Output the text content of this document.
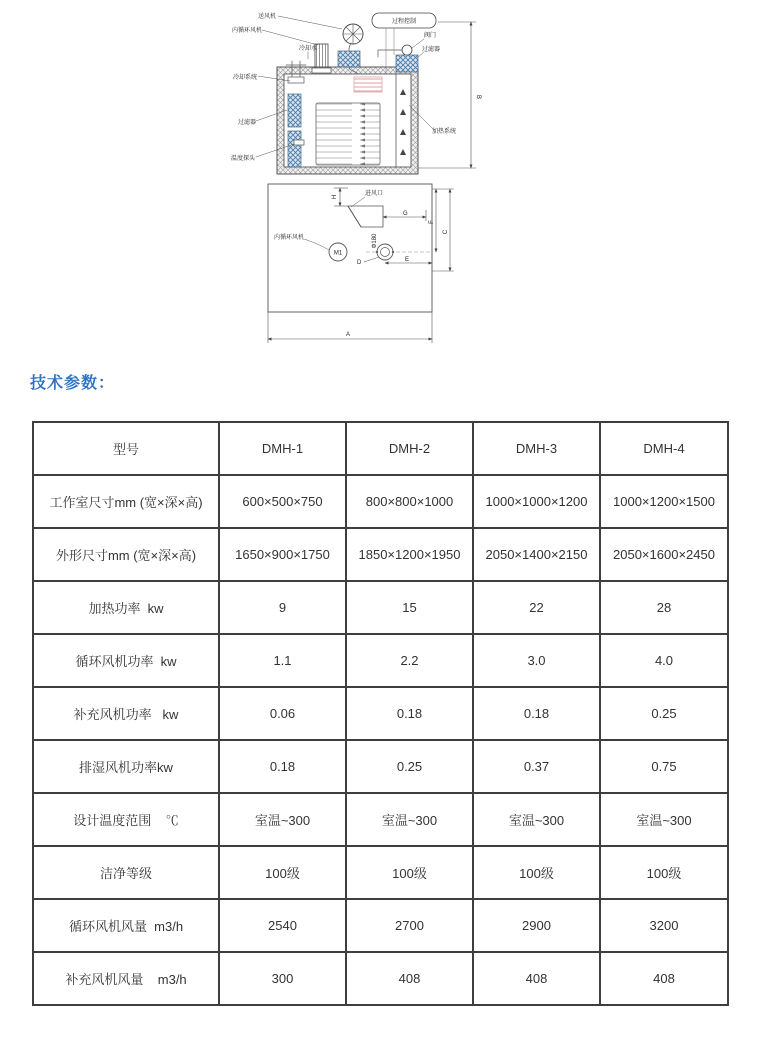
过程控制
送风机
内循环风机
冷却水
冷却系统
过滤器
温度探头
阀门
过滤器
加热系统
B
M1
进风口
内循环风机	Φ180
H
G
F
C
D	E
A
技术参数：
型号	DMH-1	DMH-2	DMH-3	DMH-4
工作室尺寸mm (宽×深×高)	600×500×750	800×800×1000	1000×1000×1200	1000×1200×1500
外形尺寸mm (宽×深×高)	1650×900×1750	1850×1200×1950	2050×1400×2150	2050×1600×2450
加热功率  kw	9	15	22	28
循环风机功率  kw	1.1	2.2	3.0	4.0
补充风机功率   kw	0.06	0.18	0.18	0.25
排湿风机功率kw	0.18	0.25	0.37	0.75
设计温度范围    ℃	室温~300	室温~300	室温~300	室温~300
洁净等级	100级	100级	100级	100级
循环风机风量  m3/h	2540	2700	2900	3200
补充风机风量    m3/h	300	408	408	408
